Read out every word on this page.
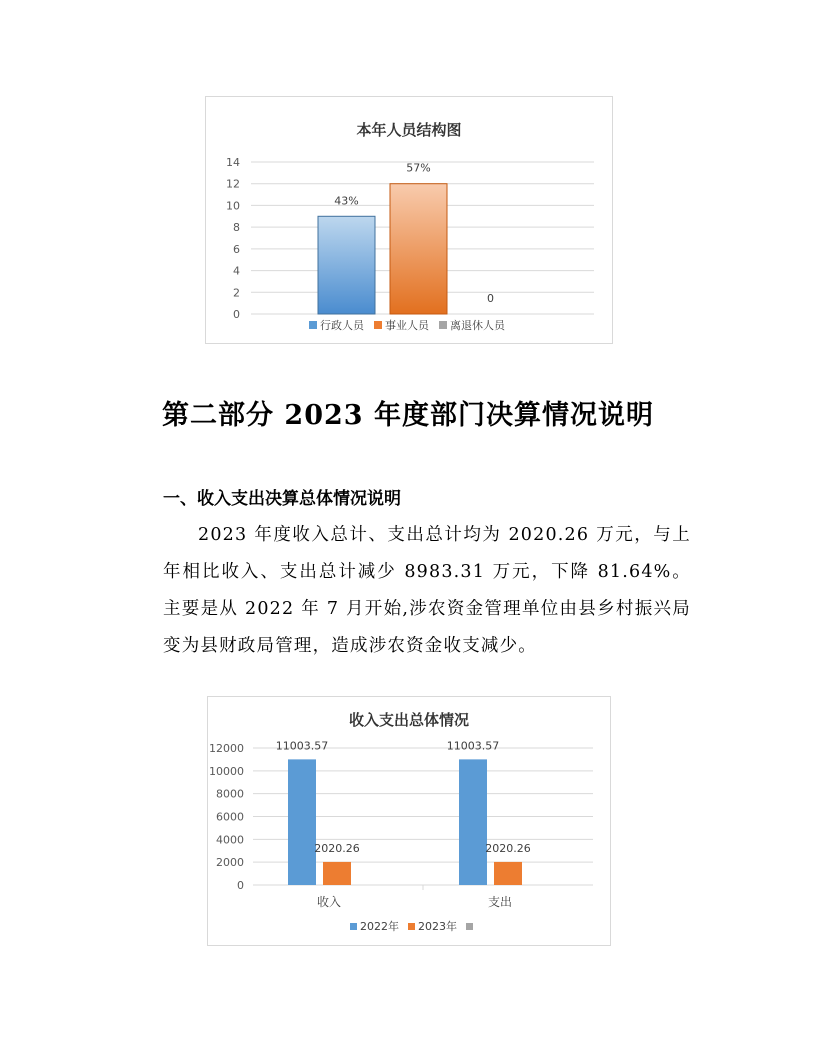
本年人员结构图
0
2
4
6
8
10
12
14
43%
57%
0
行政人员 事业人员 离退休人员
第二部分 2023 年度部门决算情况说明
一、收入支出决算总体情况说明
2023 年度收入总计、支出总计均为 2020.26 万元，与上年相比收入、支出总计减少 8983.31 万元，下降 81.64%。主要是从 2022 年 7 月开始,涉农资金管理单位由县乡村振兴局变为县财政局管理，造成涉农资金收支减少。
收入支出总体情况
0
2000
4000
6000
8000
10000
12000	11003.57
2020.26
11003.57
2020.26
收入	支出
2022年 2023年
